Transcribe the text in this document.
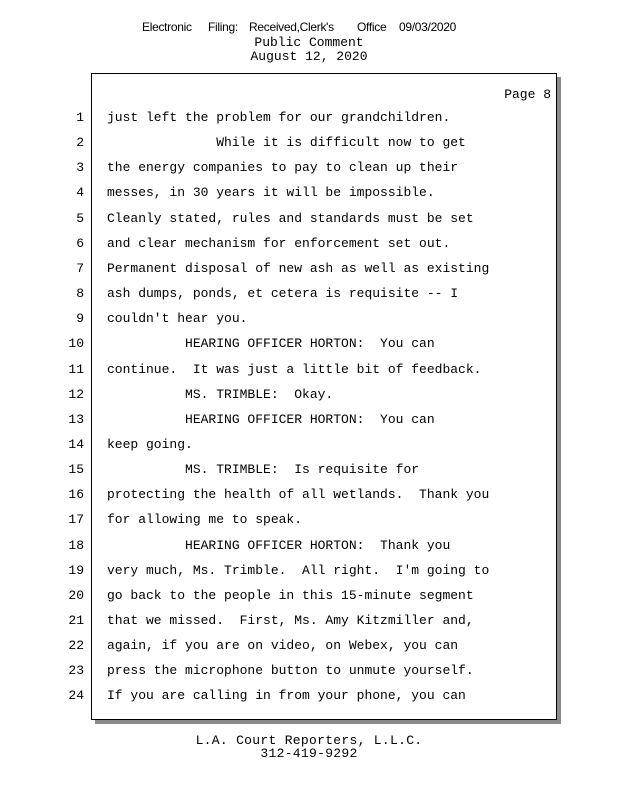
Electronic Filing: Received,Clerk's Office 09/03/2020
Public Comment
August 12, 2020
Page 8
1 just left the problem for our grandchildren.
2 While it is difficult now to get
3 the energy companies to pay to clean up their
4 messes, in 30 years it will be impossible.
5 Cleanly stated, rules and standards must be set
6 and clear mechanism for enforcement set out.
7 Permanent disposal of new ash as well as existing
8 ash dumps, ponds, et cetera is requisite -- I
9 couldn't hear you.
10 HEARING OFFICER HORTON:  You can
11 continue.  It was just a little bit of feedback.
12 MS. TRIMBLE:  Okay.
13 HEARING OFFICER HORTON:  You can
14 keep going.
15 MS. TRIMBLE:  Is requisite for
16 protecting the health of all wetlands.  Thank you
17 for allowing me to speak.
18 HEARING OFFICER HORTON:  Thank you
19 very much, Ms. Trimble.  All right.  I'm going to
20 go back to the people in this 15-minute segment
21 that we missed.  First, Ms. Amy Kitzmiller and,
22 again, if you are on video, on Webex, you can
23 press the microphone button to unmute yourself.
24 If you are calling in from your phone, you can
L.A. Court Reporters, L.L.C.
312-419-9292
